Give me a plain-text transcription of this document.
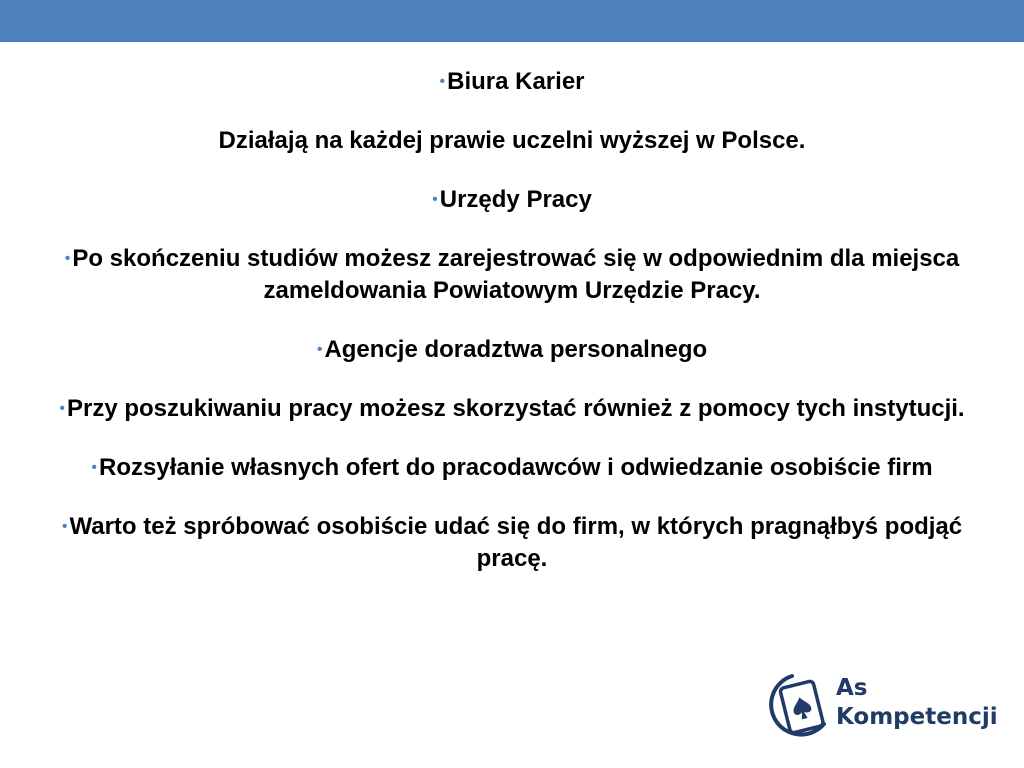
•Biura Karier

Działają na każdej prawie uczelni wyższej w Polsce.

•Urzędy Pracy

•Po skończeniu studiów możesz zarejestrować się w odpowiednim dla miejsca zameldowania Powiatowym Urzędzie Pracy.

•Agencje doradztwa personalnego

•Przy poszukiwaniu pracy możesz skorzystać również z pomocy tych instytucji.

•Rozsyłanie własnych ofert do pracodawców i odwiedzanie osobiście firm

•Warto też spróbować osobiście udać się do firm, w których pragnąłbyś podjąć pracę.

As
Kompetencji
